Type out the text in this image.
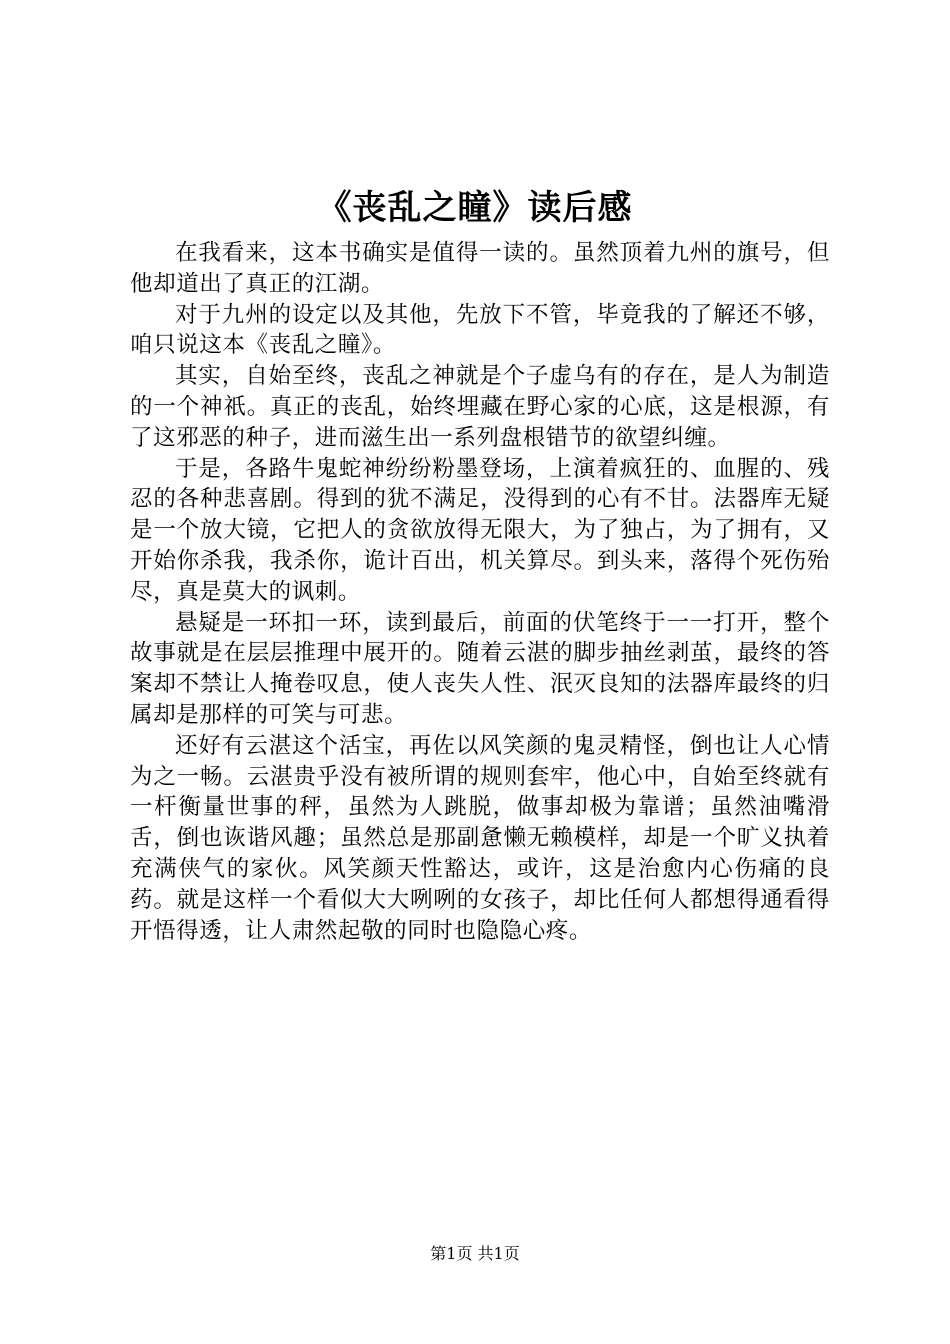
《丧乱之瞳》读后感

在我看来，这本书确实是值得一读的。虽然顶着九州的旗号，但他却道出了真正的江湖。

对于九州的设定以及其他，先放下不管，毕竟我的了解还不够，咱只说这本《丧乱之瞳》。

其实，自始至终，丧乱之神就是个子虚乌有的存在，是人为制造的一个神祇。真正的丧乱，始终埋藏在野心家的心底，这是根源，有了这邪恶的种子，进而滋生出一系列盘根错节的欲望纠缠。

于是，各路牛鬼蛇神纷纷粉墨登场，上演着疯狂的、血腥的、残忍的各种悲喜剧。得到的犹不满足，没得到的心有不甘。法器库无疑是一个放大镜，它把人的贪欲放得无限大，为了独占，为了拥有，又开始你杀我，我杀你，诡计百出，机关算尽。到头来，落得个死伤殆尽，真是莫大的讽刺。

悬疑是一环扣一环，读到最后，前面的伏笔终于一一打开，整个故事就是在层层推理中展开的。随着云湛的脚步抽丝剥茧，最终的答案却不禁让人掩卷叹息，使人丧失人性、泯灭良知的法器库最终的归属却是那样的可笑与可悲。

还好有云湛这个活宝，再佐以风笑颜的鬼灵精怪，倒也让人心情为之一畅。云湛贵乎没有被所谓的规则套牢，他心中，自始至终就有一杆衡量世事的秤，虽然为人跳脱，做事却极为靠谱；虽然油嘴滑舌，倒也诙谐风趣；虽然总是那副惫懒无赖模样，却是一个旷义执着充满侠气的家伙。风笑颜天性豁达，或许，这是治愈内心伤痛的良药。就是这样一个看似大大咧咧的女孩子，却比任何人都想得通看得开悟得透，让人肃然起敬的同时也隐隐心疼。

第1页 共1页
